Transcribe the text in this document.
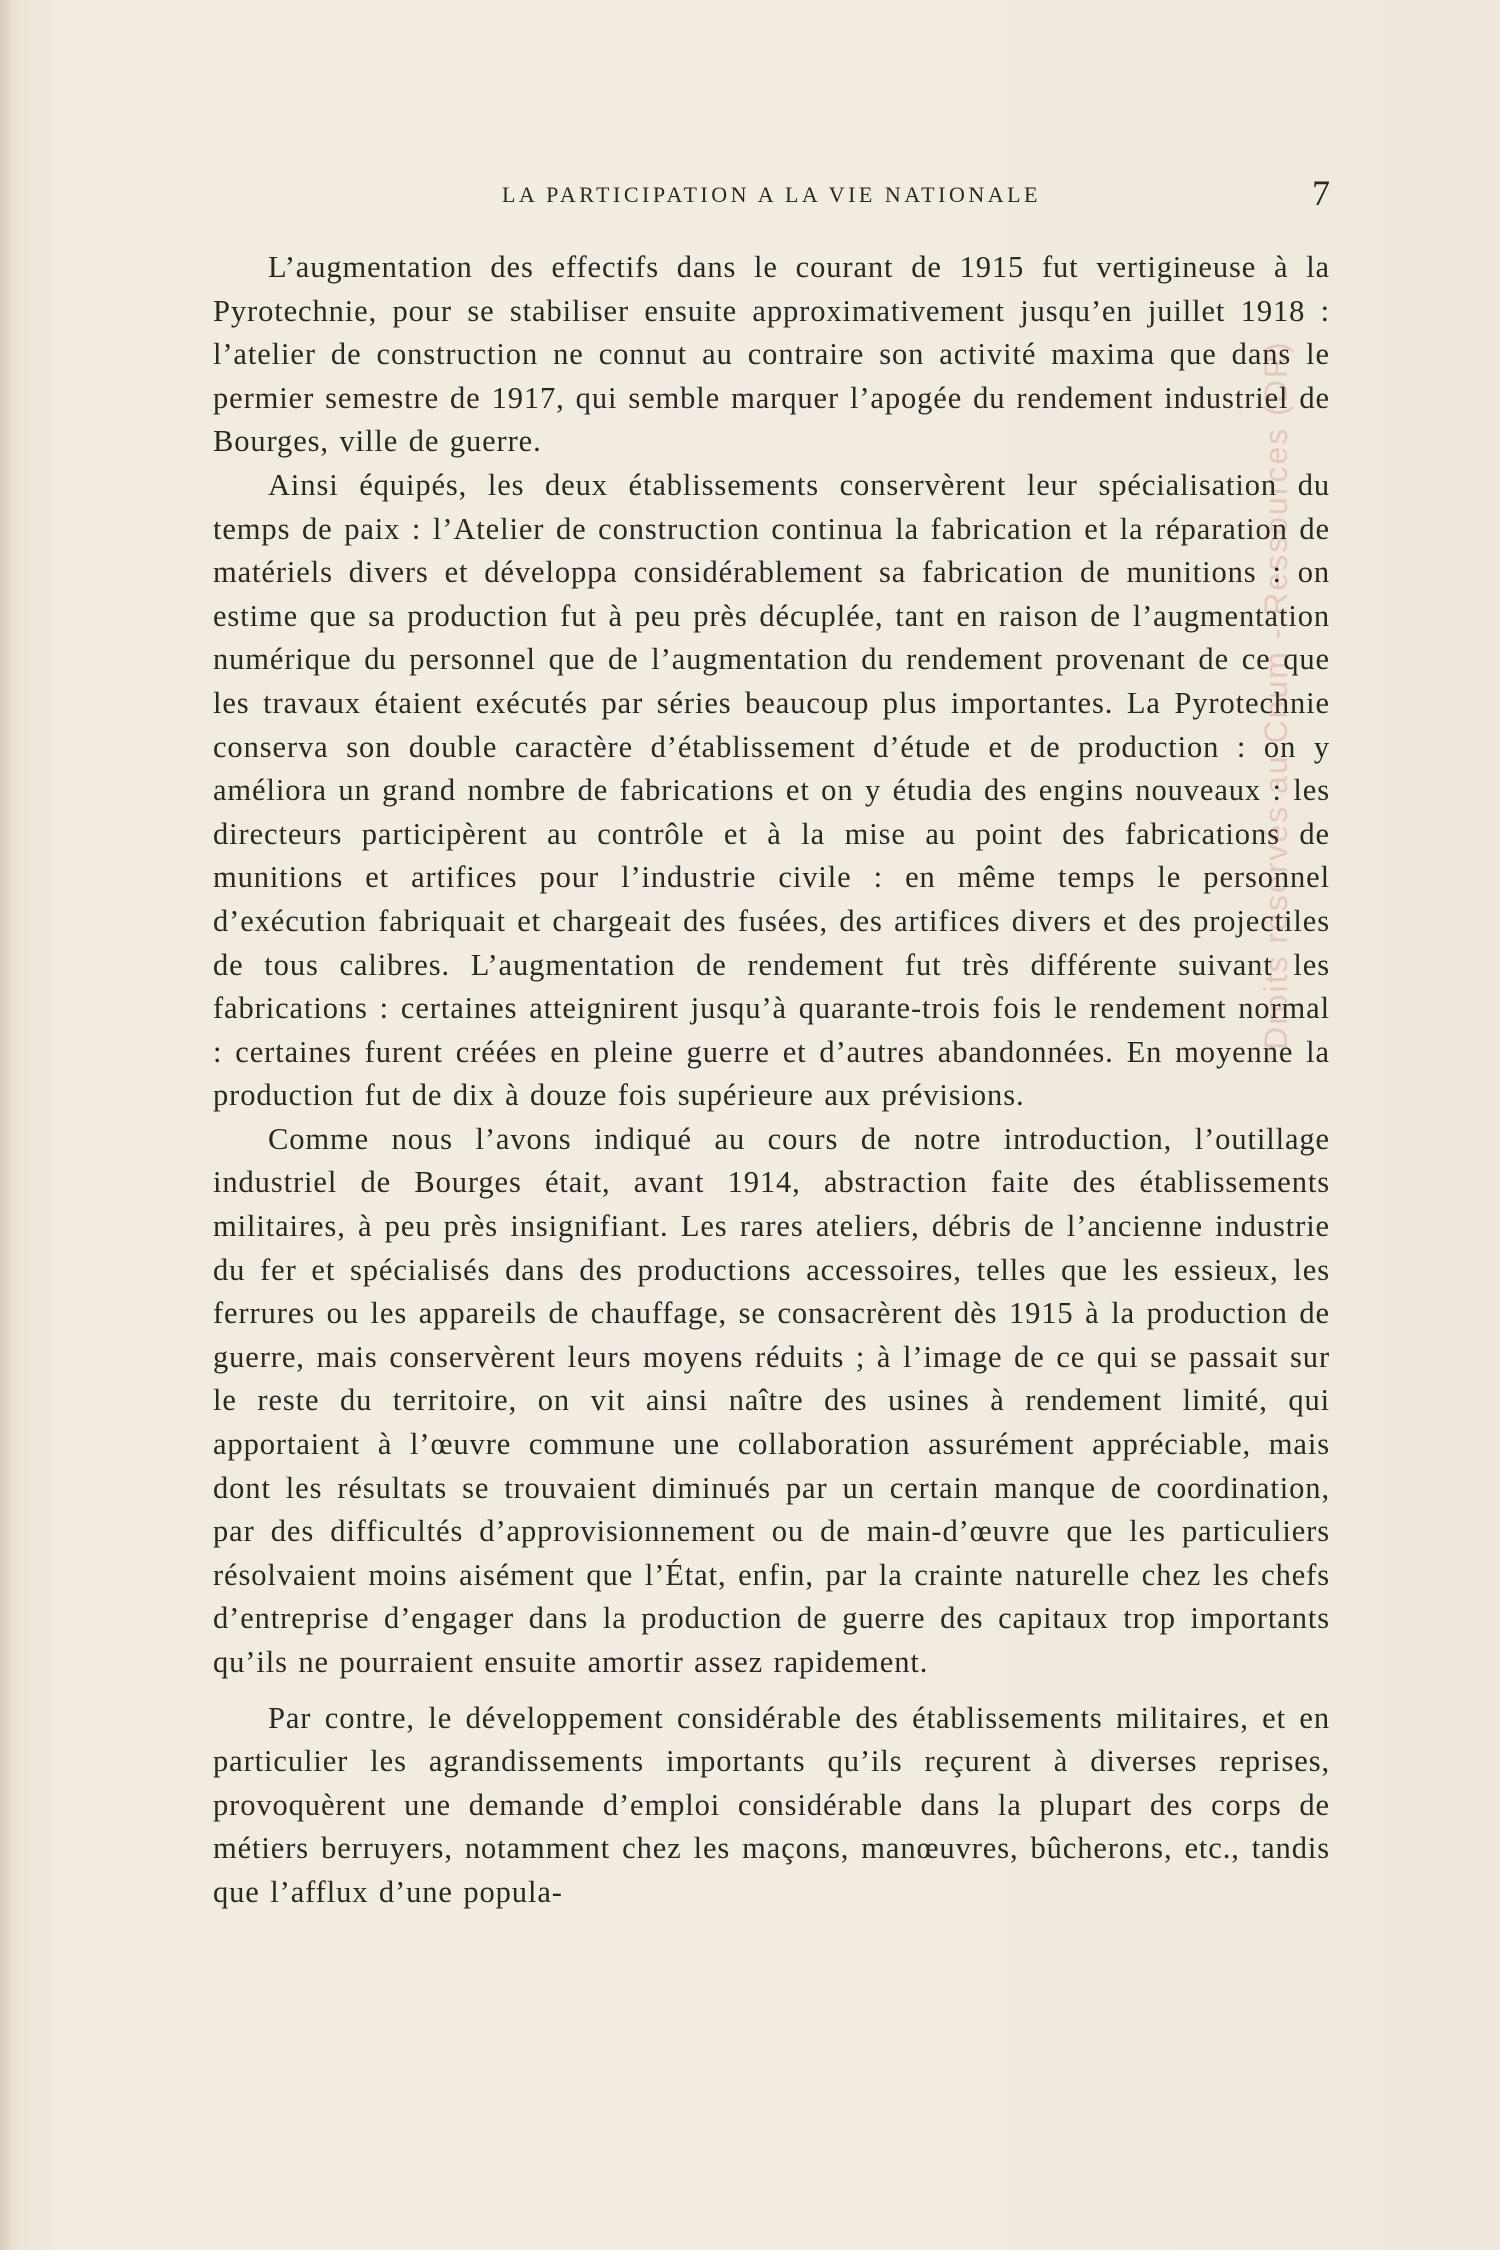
LA PARTICIPATION A LA VIE NATIONALE	7
Droits réservés au Cnum - Ressources (DR)

L’augmentation des effectifs dans le courant de 1915 fut vertigineuse à la Pyrotechnie, pour se stabiliser ensuite approximativement jusqu’en juillet 1918 : l’atelier de construction ne connut au contraire son activité maxima que dans le permier semestre de 1917, qui semble marquer l’apogée du rendement industriel de Bourges, ville de guerre.

Ainsi équipés, les deux établissements conservèrent leur spécialisation du temps de paix : l’Atelier de construction continua la fabrication et la réparation de matériels divers et développa considérablement sa fabrication de munitions : on estime que sa production fut à peu près décuplée, tant en raison de l’augmentation numérique du personnel que de l’augmentation du rendement provenant de ce que les travaux étaient exécutés par séries beaucoup plus importantes. La Pyrotechnie conserva son double caractère d’établissement d’étude et de production : on y améliora un grand nombre de fabrications et on y étudia des engins nouveaux : les directeurs participèrent au contrôle et à la mise au point des fabrications de munitions et artifices pour l’industrie civile : en même temps le personnel d’exécution fabriquait et chargeait des fusées, des artifices divers et des projectiles de tous calibres. L’augmentation de rendement fut très différente suivant les fabrications : certaines atteignirent jusqu’à quarante-trois fois le rendement normal : certaines furent créées en pleine guerre et d’autres abandonnées. En moyenne la production fut de dix à douze fois supérieure aux prévisions.

Comme nous l’avons indiqué au cours de notre introduction, l’outillage industriel de Bourges était, avant 1914, abstraction faite des établissements militaires, à peu près insignifiant. Les rares ateliers, débris de l’ancienne industrie du fer et spécialisés dans des productions accessoires, telles que les essieux, les ferrures ou les appareils de chauffage, se consacrèrent dès 1915 à la production de guerre, mais conservèrent leurs moyens réduits ; à l’image de ce qui se passait sur le reste du territoire, on vit ainsi naître des usines à rendement limité, qui apportaient à l’œuvre commune une collaboration assurément appréciable, mais dont les résultats se trouvaient diminués par un certain manque de coordination, par des difficultés d’approvisionnement ou de main-d’œuvre que les particuliers résolvaient moins aisément que l’État, enfin, par la crainte naturelle chez les chefs d’entreprise d’engager dans la production de guerre des capitaux trop importants qu’ils ne pourraient ensuite amortir assez rapidement.

Par contre, le développement considérable des établissements militaires, et en particulier les agrandissements importants qu’ils reçurent à diverses reprises, provoquèrent une demande d’emploi considérable dans la plupart des corps de métiers berruyers, notamment chez les maçons, manœuvres, bûcherons, etc., tandis que l’afflux d’une popula-
